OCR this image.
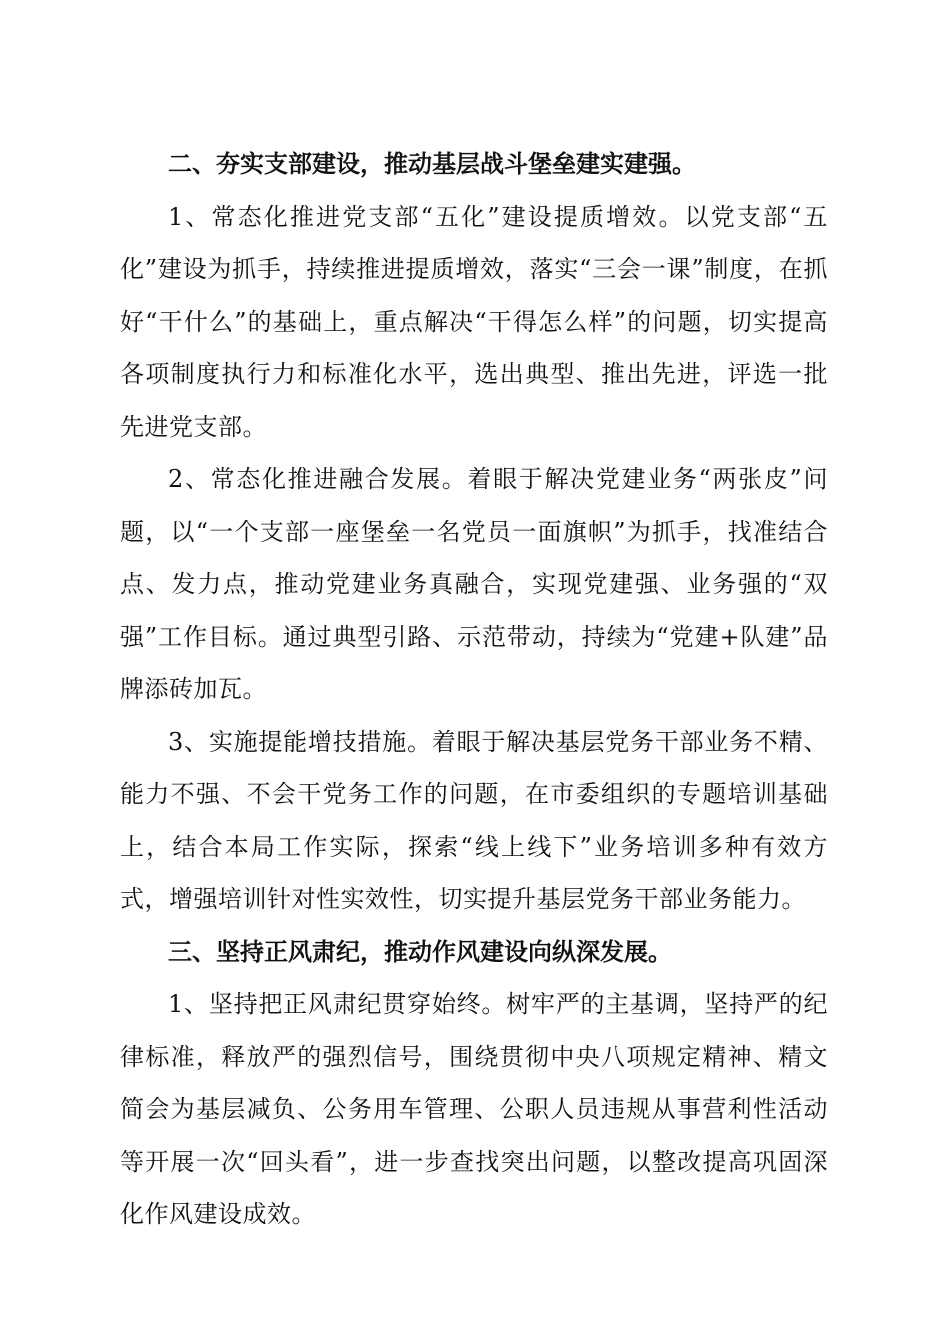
二、夯实支部建设，推动基层战斗堡垒建实建强。

1、常态化推进党支部“五化”建设提质增效。以党支部“五化”建设为抓手，持续推进提质增效，落实“三会一课”制度，在抓好“干什么”的基础上，重点解决“干得怎么样”的问题，切实提高各项制度执行力和标准化水平，选出典型、推出先进，评选一批先进党支部。

2、常态化推进融合发展。着眼于解决党建业务“两张皮”问题，以“一个支部一座堡垒一名党员一面旗帜”为抓手，找准结合点、发力点，推动党建业务真融合，实现党建强、业务强的“双强”工作目标。通过典型引路、示范带动，持续为“党建+队建”品牌添砖加瓦。

3、实施提能增技措施。着眼于解决基层党务干部业务不精、能力不强、不会干党务工作的问题，在市委组织的专题培训基础上，结合本局工作实际，探索“线上线下”业务培训多种有效方式，增强培训针对性实效性，切实提升基层党务干部业务能力。

三、坚持正风肃纪，推动作风建设向纵深发展。

1、坚持把正风肃纪贯穿始终。树牢严的主基调，坚持严的纪律标准，释放严的强烈信号，围绕贯彻中央八项规定精神、精文简会为基层减负、公务用车管理、公职人员违规从事营利性活动等开展一次“回头看”，进一步查找突出问题，以整改提高巩固深化作风建设成效。
